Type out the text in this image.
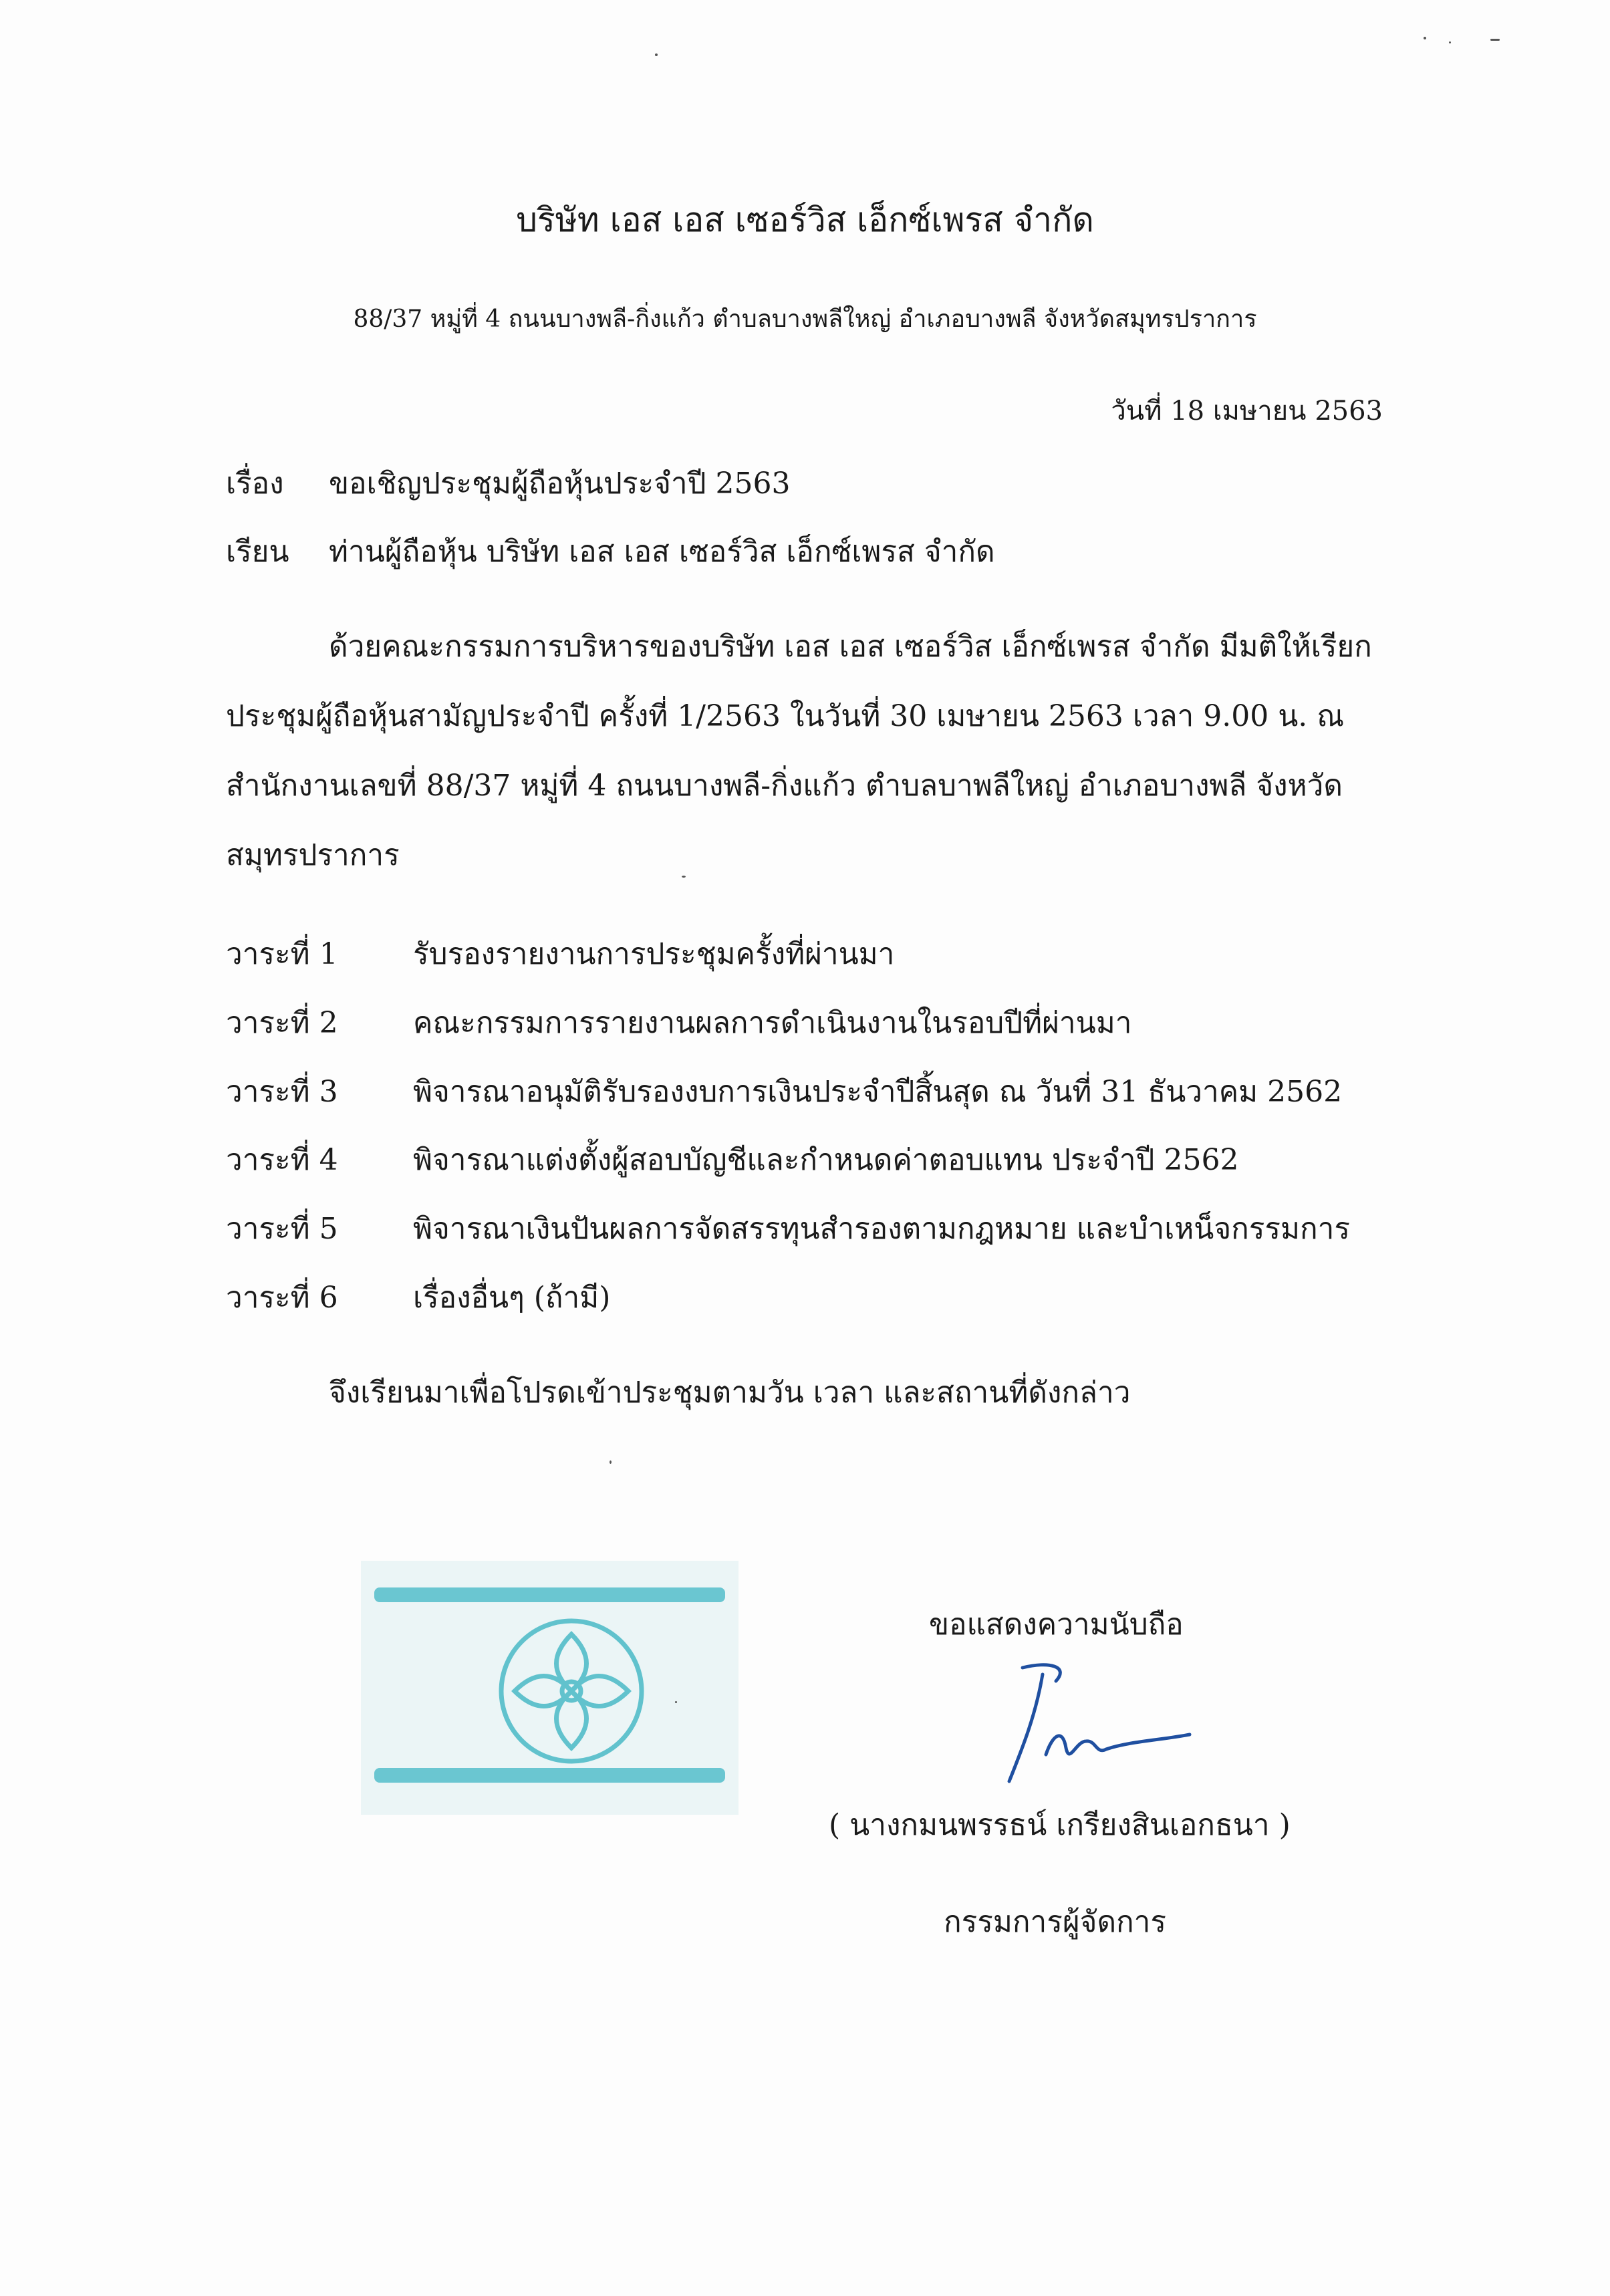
บริษัท เอส เอส เซอร์วิส เอ็กซ์เพรส จำกัด
88/37 หมู่ที่ 4 ถนนบางพลี-กิ่งแก้ว ตำบลบางพลีใหญ่ อำเภอบางพลี จังหวัดสมุทรปราการ
วันที่ 18 เมษายน 2563
เรื่อง ขอเชิญประชุมผู้ถือหุ้นประจำปี 2563
เรียน ท่านผู้ถือหุ้น บริษัท เอส เอส เซอร์วิส เอ็กซ์เพรส จำกัด
ด้วยคณะกรรมการบริหารของบริษัท เอส เอส เซอร์วิส เอ็กซ์เพรส จำกัด มีมติให้เรียก
ประชุมผู้ถือหุ้นสามัญประจำปี ครั้งที่ 1/2563 ในวันที่ 30 เมษายน 2563 เวลา 9.00 น. ณ
สำนักงานเลขที่ 88/37 หมู่ที่ 4 ถนนบางพลี-กิ่งแก้ว ตำบลบาพลีใหญ่ อำเภอบางพลี จังหวัด
สมุทรปราการ
วาระที่ 1	รับรองรายงานการประชุมครั้งที่ผ่านมา
วาระที่ 2	คณะกรรมการรายงานผลการดำเนินงานในรอบปีที่ผ่านมา
วาระที่ 3	พิจารณาอนุมัติรับรองงบการเงินประจำปีสิ้นสุด ณ วันที่ 31 ธันวาคม 2562
วาระที่ 4	พิจารณาแต่งตั้งผู้สอบบัญชีและกำหนดค่าตอบแทน ประจำปี 2562
วาระที่ 5	พิจารณาเงินปันผลการจัดสรรทุนสำรองตามกฎหมาย และบำเหน็จกรรมการ
วาระที่ 6	เรื่องอื่นๆ (ถ้ามี)
จึงเรียนมาเพื่อโปรดเข้าประชุมตามวัน เวลา และสถานที่ดังกล่าว
ขอแสดงความนับถือ
( นางกมนพรรธน์ เกรียงสินเอกธนา )
กรรมการผู้จัดการ
